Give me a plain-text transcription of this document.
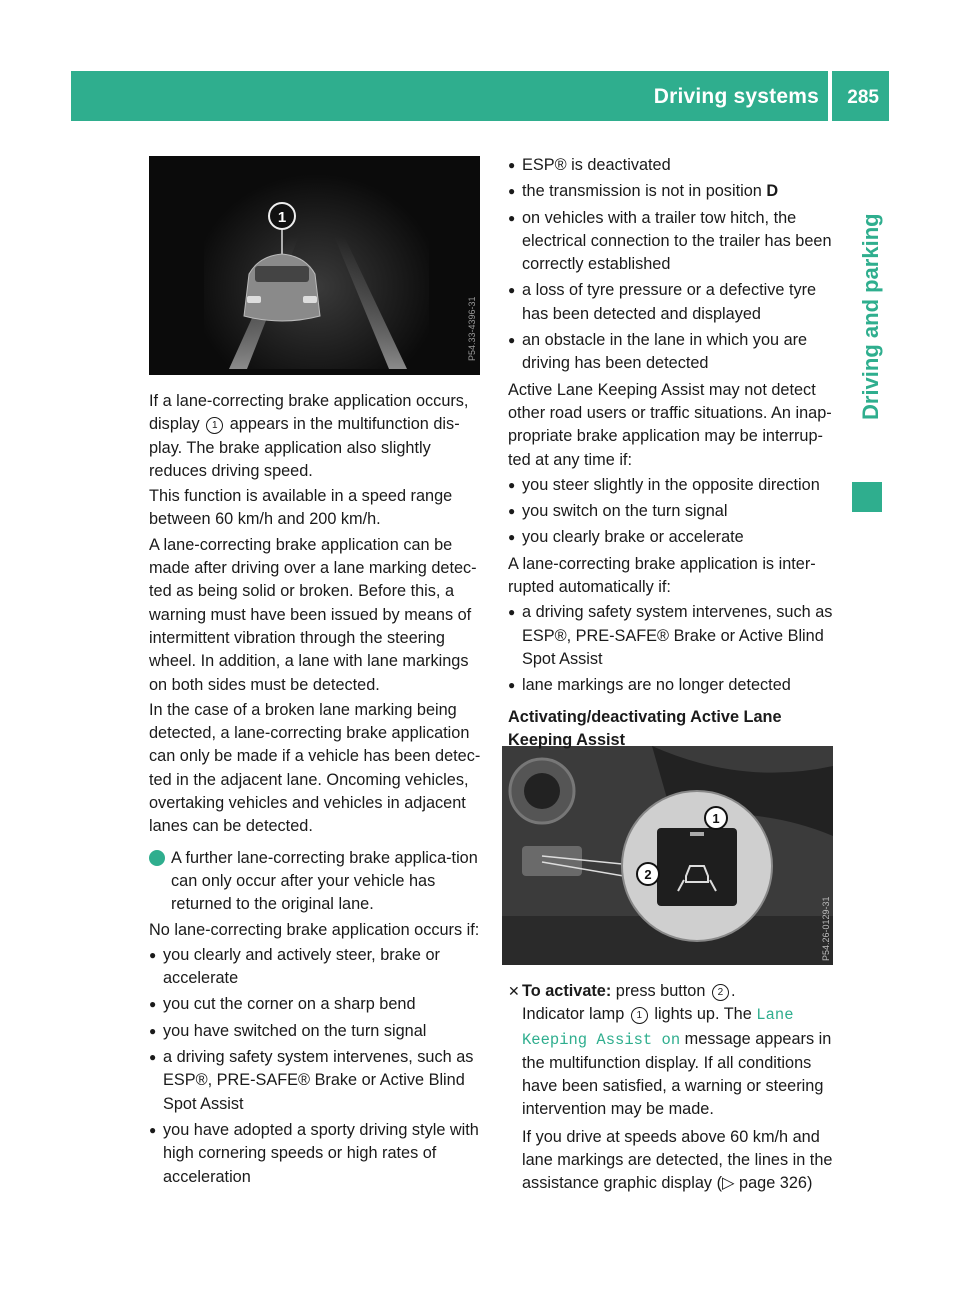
Driving systems 285
Driving and parking
1
P54.33-4396-31
1
2
P54.26-0129-31

If a lane-correcting brake application occurs, display 1 appears in the multifunction dis-play. The brake application also slightly reduces driving speed.

This function is available in a speed range between 60 km/h and 200 km/h.

A lane-correcting brake application can be made after driving over a lane marking detec-ted as being solid or broken. Before this, a warning must have been issued by means of intermittent vibration through the steering wheel. In addition, a lane with lane markings on both sides must be detected.

In the case of a broken lane marking being detected, a lane-correcting brake application can only be made if a vehicle has been detec-ted in the adjacent lane. Oncoming vehicles, overtaking vehicles and vehicles in adjacent lanes can be detected.

i A further lane-correcting brake applica-tion can only occur after your vehicle has returned to the original lane.

No lane-correcting brake application occurs if:

● you clearly and actively steer, brake or accelerate
● you cut the corner on a sharp bend
● you have switched on the turn signal
● a driving safety system intervenes, such as ESP®, PRE-SAFE® Brake or Active Blind Spot Assist
● you have adopted a sporty driving style with high cornering speeds or high rates of acceleration
● ESP® is deactivated
● the transmission is not in position D
● on vehicles with a trailer tow hitch, the electrical connection to the trailer has been correctly established
● a loss of tyre pressure or a defective tyre has been detected and displayed
● an obstacle in the lane in which you are driving has been detected

Active Lane Keeping Assist may not detect other road users or traffic situations. An inap-propriate brake application may be interrup-ted at any time if:

● you steer slightly in the opposite direction
● you switch on the turn signal
● you clearly brake or accelerate

A lane-correcting brake application is inter-rupted automatically if:

● a driving safety system intervenes, such as ESP®, PRE-SAFE® Brake or Active Blind Spot Assist
● lane markings are no longer detected

Activating/deactivating Active Lane Keeping Assist

✕ To activate: press button 2 .
Indicator lamp 1 lights up. The Lane Keeping Assist on message appears in the multifunction display. If all conditions have been satisfied, a warning or steering intervention may be made.

If you drive at speeds above 60 km/h and lane markings are detected, the lines in the assistance graphic display (▷ page 326)
